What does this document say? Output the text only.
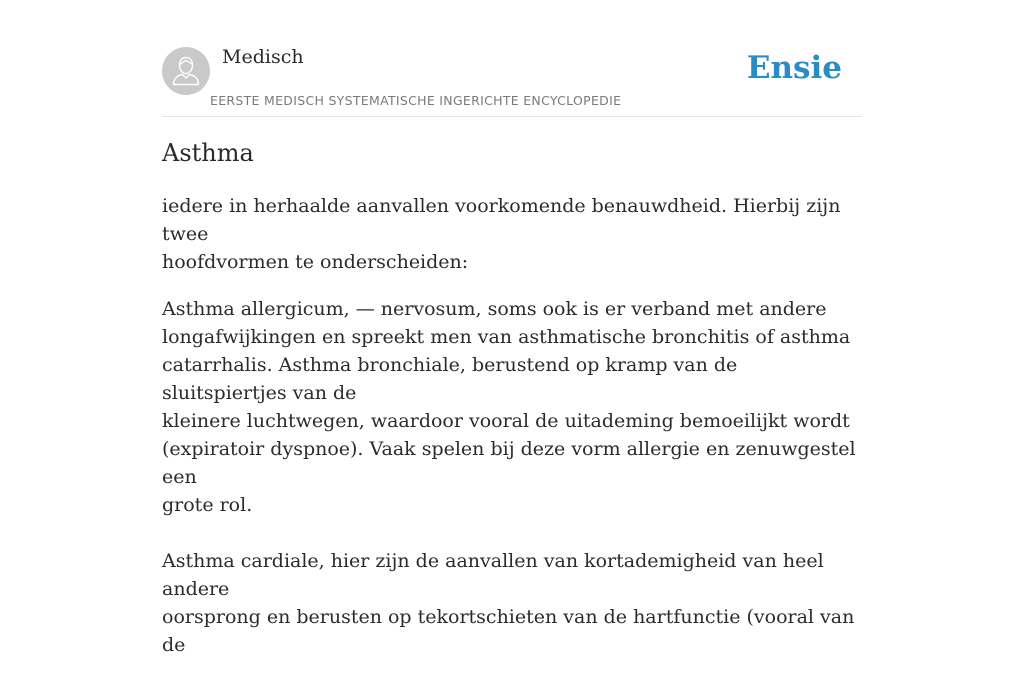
Medisch
EERSTE MEDISCH SYSTEMATISCHE INGERICHTE ENCYCLOPEDIE
Ensie
Asthma

iedere in herhaalde aanvallen voorkomende benauwdheid. Hierbij zijn twee
hoofdvormen te onderscheiden:

Asthma allergicum, — nervosum, soms ook is er verband met andere
longafwijkingen en spreekt men van asthmatische bronchitis of asthma
catarrhalis. Asthma bronchiale, berustend op kramp van de sluitspiertjes van de
kleinere luchtwegen, waardoor vooral de uitademing bemoeilijkt wordt
(expiratoir dyspnoe). Vaak spelen bij deze vorm allergie en zenuwgestel een
grote rol.

Asthma cardiale, hier zijn de aanvallen van kortademigheid van heel andere
oorsprong en berusten op tekortschieten van de hartfunctie (vooral van de
